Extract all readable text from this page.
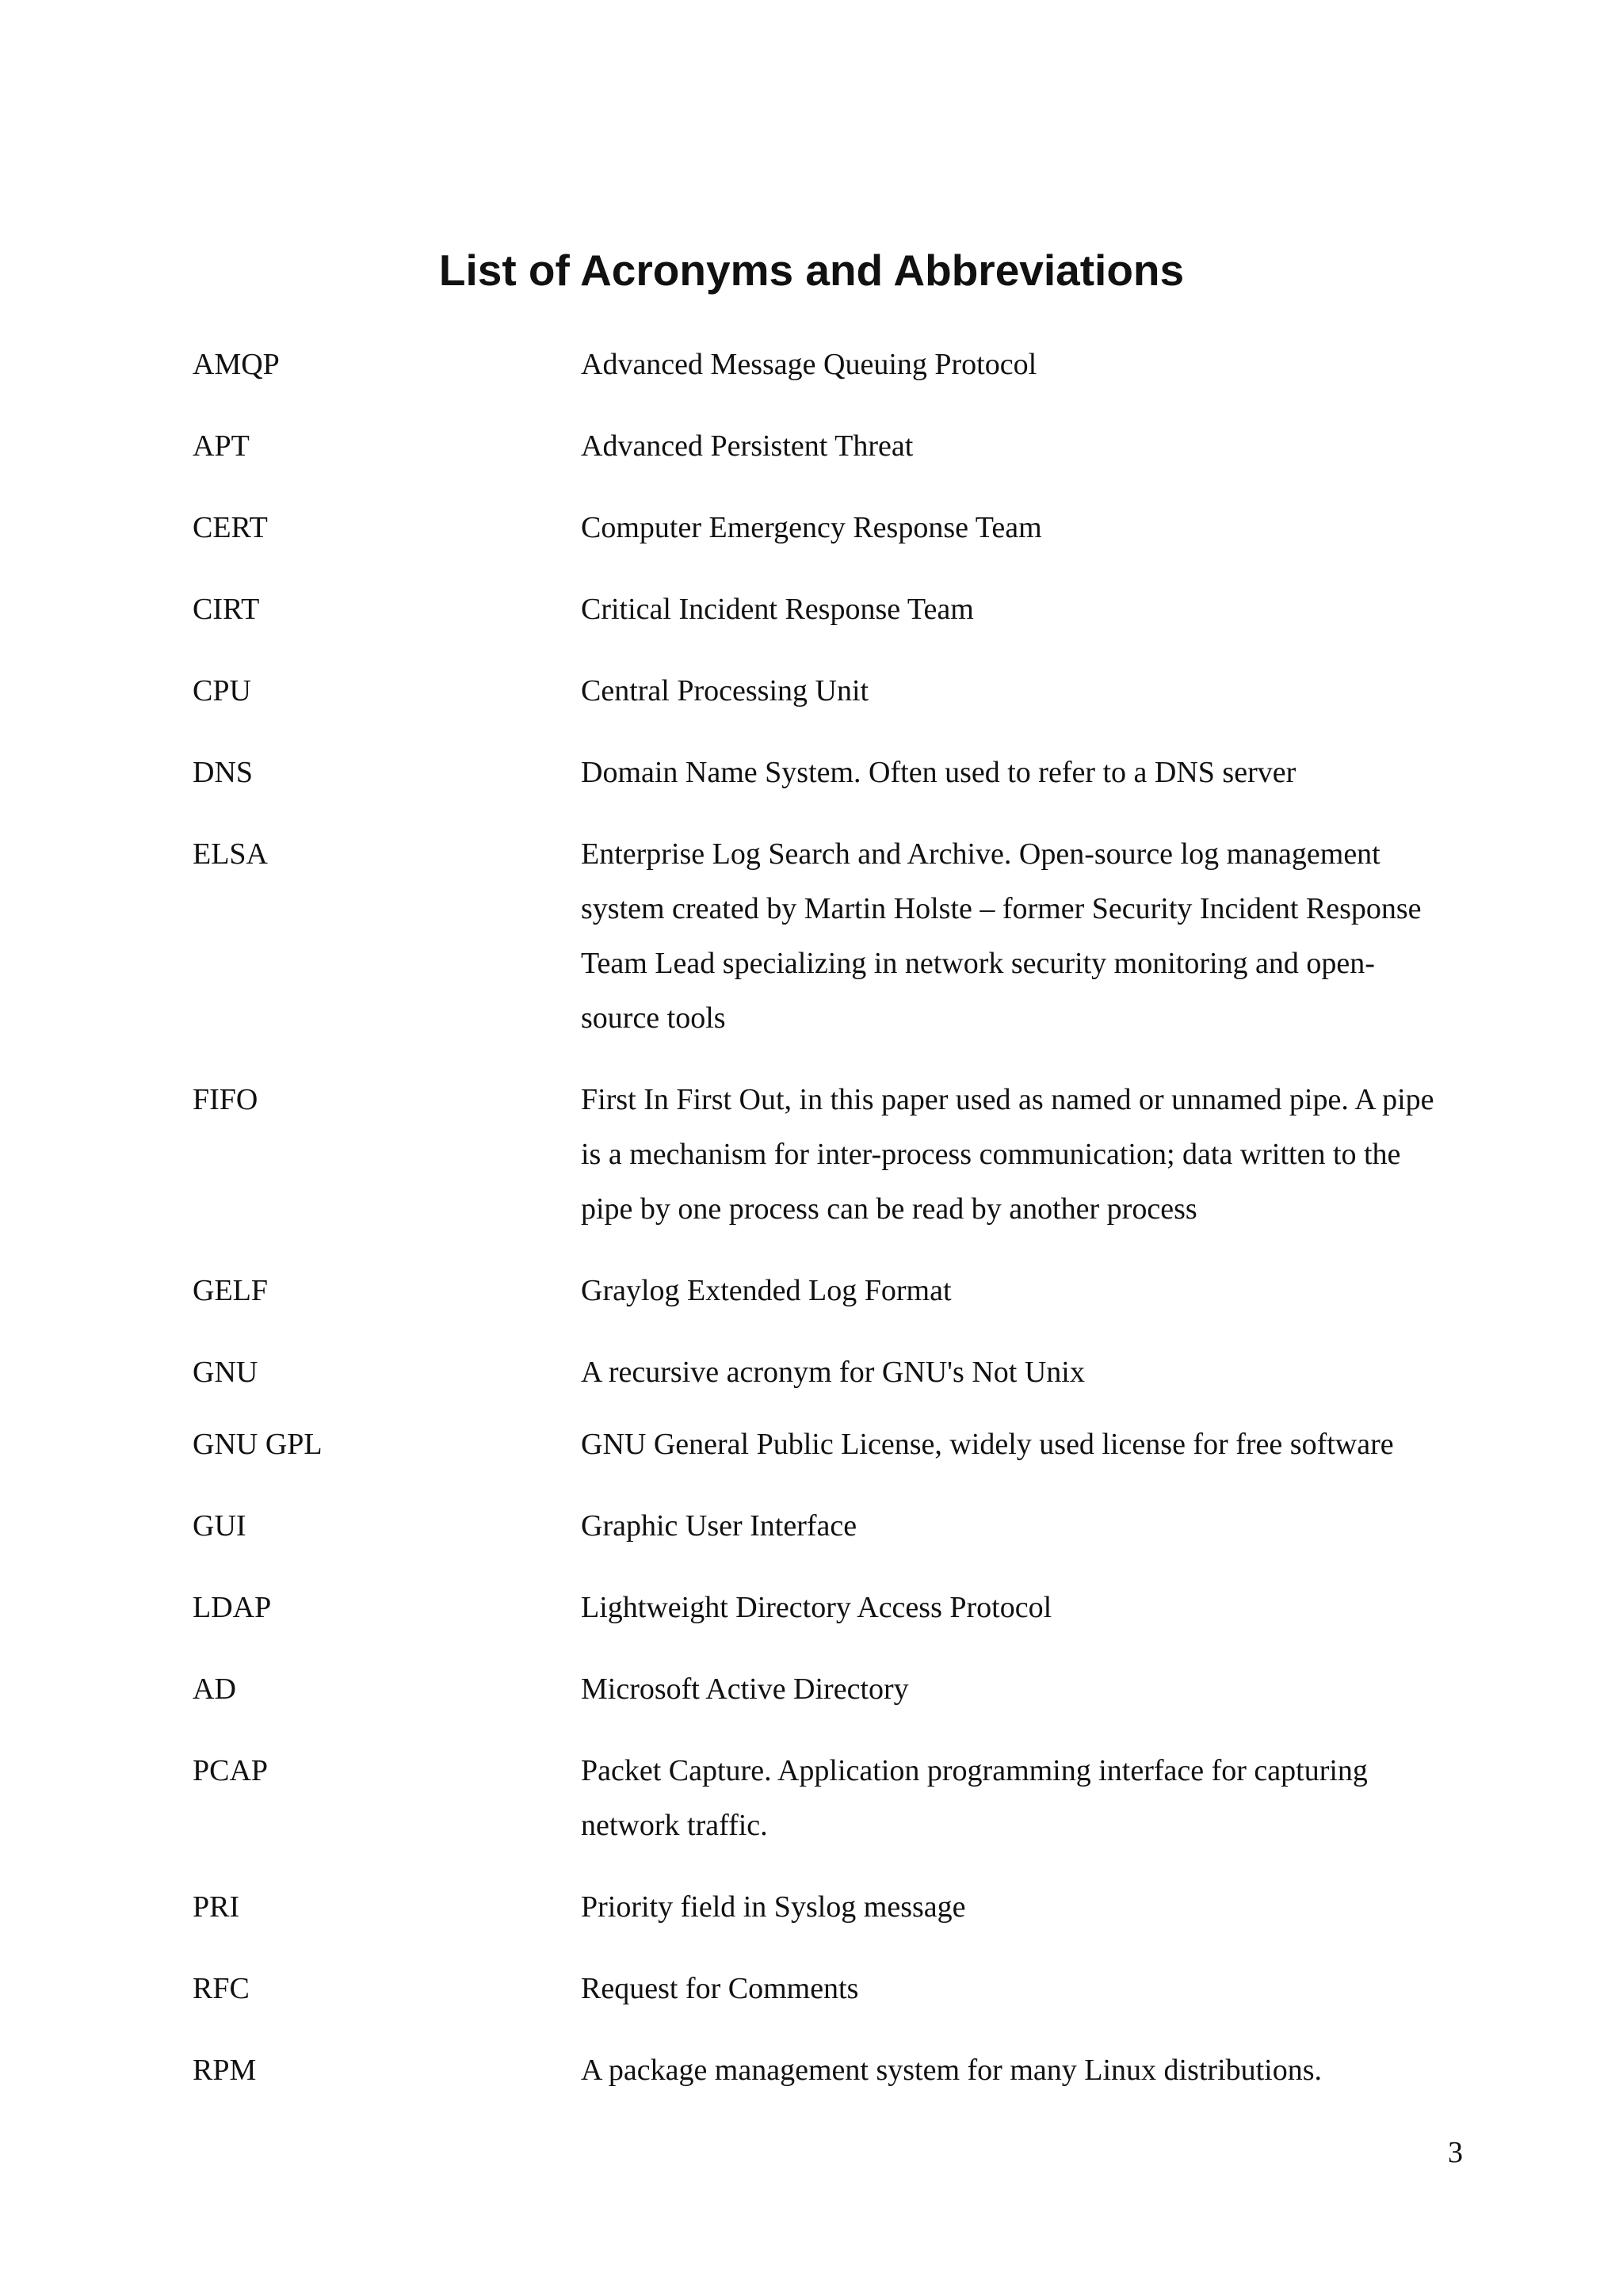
List of Acronyms and Abbreviations
AMQP	Advanced Message Queuing Protocol
APT	Advanced Persistent Threat
CERT	Computer Emergency Response Team
CIRT	Critical Incident Response Team
CPU	Central Processing Unit
DNS	Domain Name System. Often used to refer to a DNS server
ELSA	Enterprise Log Search and Archive. Open-source log management system created by Martin Holste – former Security Incident Response Team Lead specializing in network security monitoring and open-source tools
FIFO	First In First Out, in this paper used as named or unnamed pipe. A pipe is a mechanism for inter-process communication; data written to the pipe by one process can be read by another process
GELF	Graylog Extended Log Format
GNU	A recursive acronym for GNU's Not Unix
GNU GPL	GNU General Public License, widely used license for free software
GUI	Graphic User Interface
LDAP	Lightweight Directory Access Protocol
AD	Microsoft Active Directory
PCAP	Packet Capture. Application programming interface for capturing network traffic.
PRI	Priority field in Syslog message
RFC	Request for Comments
RPM	A package management system for many Linux distributions.
3
